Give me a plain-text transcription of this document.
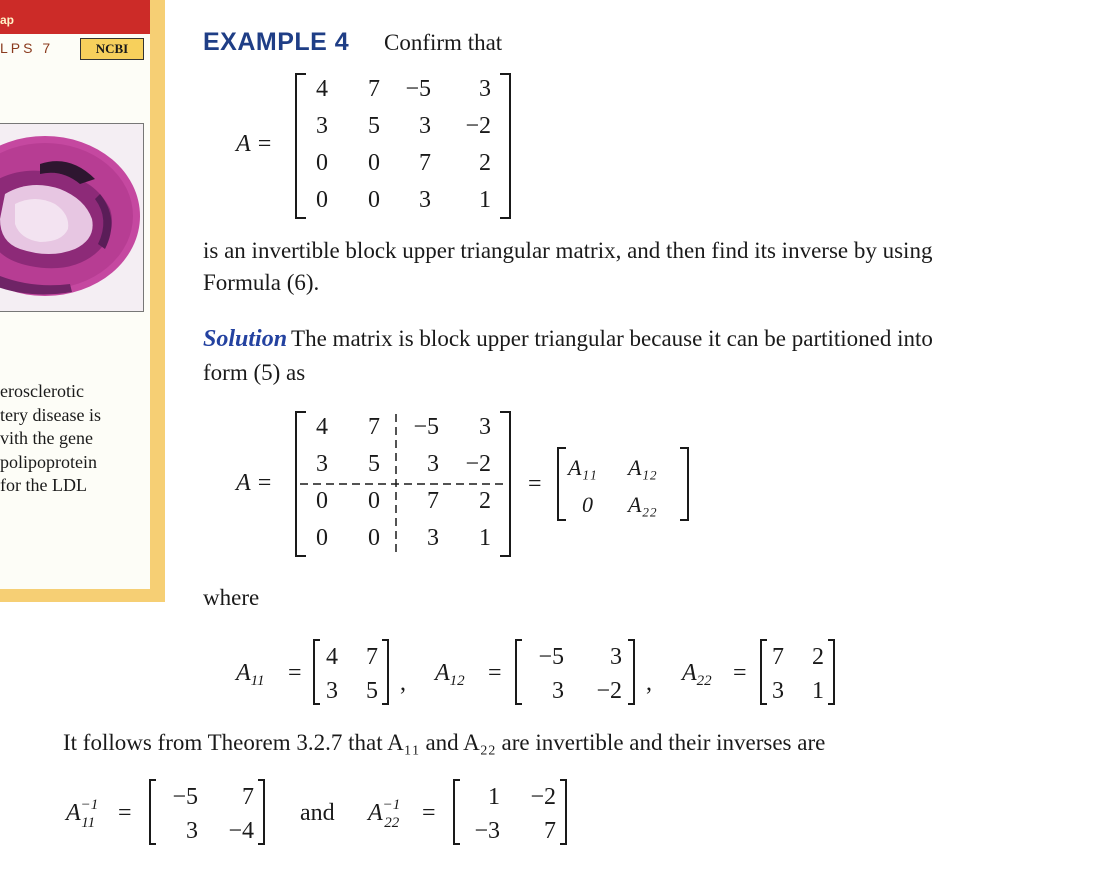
ap
LPS 7	NCBI
erosclerotic
tery disease is
vith the gene
polipoprotein
for the LDL
EXAMPLE 4 Confirm that
A =
4 7 −5 3
3 5 3 −2
0 0 7 2
0 0 3 1
is an invertible block upper triangular matrix, and then find its inverse by using
Formula (6).
Solution The matrix is block upper triangular because it can be partitioned into
form (5) as
A =
4 7 −5 3
3 5 3 −2
0 0 7 2
0 0 3 1
=
A₁₁ A₁₂
0 A₂₂
where
$A_{11}$ =	$A_{12}$ =	$A_{22}$ =
,	,
4 7
3 5
−5 3
3 −2
7 2
3 1
It follows from Theorem 3.2.7 that A₁₁ and A₂₂ are invertible and their inverses are
$A^{-1}$ 11 =	and $A^{-1}$ 22 =
−5 7
3 −4
1 −2
−3 7
